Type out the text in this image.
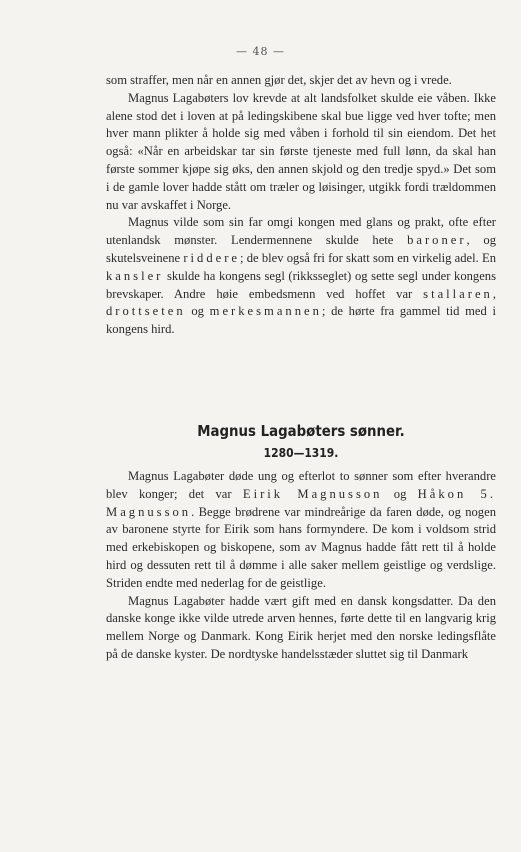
— 48 —

som straffer, men når en annen gjør det, skjer det av hevn og i vrede.

Magnus Lagabøters lov krevde at alt landsfolket skulde eie våben. Ikke alene stod det i loven at på ledingskibene skal bue ligge ved hver tofte; men hver mann plikter å holde sig med våben i forhold til sin eiendom. Det het også: «Når en arbeidskar tar sin første tjeneste med full lønn, da skal han første sommer kjøpe sig øks, den annen skjold og den tredje spyd.» Det som i de gamle lover hadde stått om træler og løisinger, utgikk fordi trældommen nu var avskaffet i Norge.

Magnus vilde som sin far omgi kongen med glans og prakt, ofte efter utenlandsk mønster. Lendermennene skulde hete baroner, og skutelsveinene riddere; de blev også fri for skatt som en virkelig adel. En kansler skulde ha kongens segl (rikksseglet) og sette segl under kongens brevskaper. Andre høie embedsmenn ved hoffet var stallaren, drottseten og merkesmannen; de hørte fra gammel tid med i kongens hird.

Magnus Lagabøters sønner.
1280—1319.

Magnus Lagabøter døde ung og efterlot to sønner som efter hverandre blev konger; det var Eirik Magnusson og Håkon 5. Magnusson. Begge brødrene var mindreårige da faren døde, og nogen av baronene styrte for Eirik som hans formyndere. De kom i voldsom strid med erkebiskopen og biskopene, som av Magnus hadde fått rett til å holde hird og dessuten rett til å dømme i alle saker mellem geistlige og verdslige. Striden endte med nederlag for de geistlige.

Magnus Lagabøter hadde vært gift med en dansk kongsdatter. Da den danske konge ikke vilde utrede arven hennes, førte dette til en langvarig krig mellem Norge og Danmark. Kong Eirik herjet med den norske ledingsflåte på de danske kyster. De nordtyske handelsstæder sluttet sig til Danmark
